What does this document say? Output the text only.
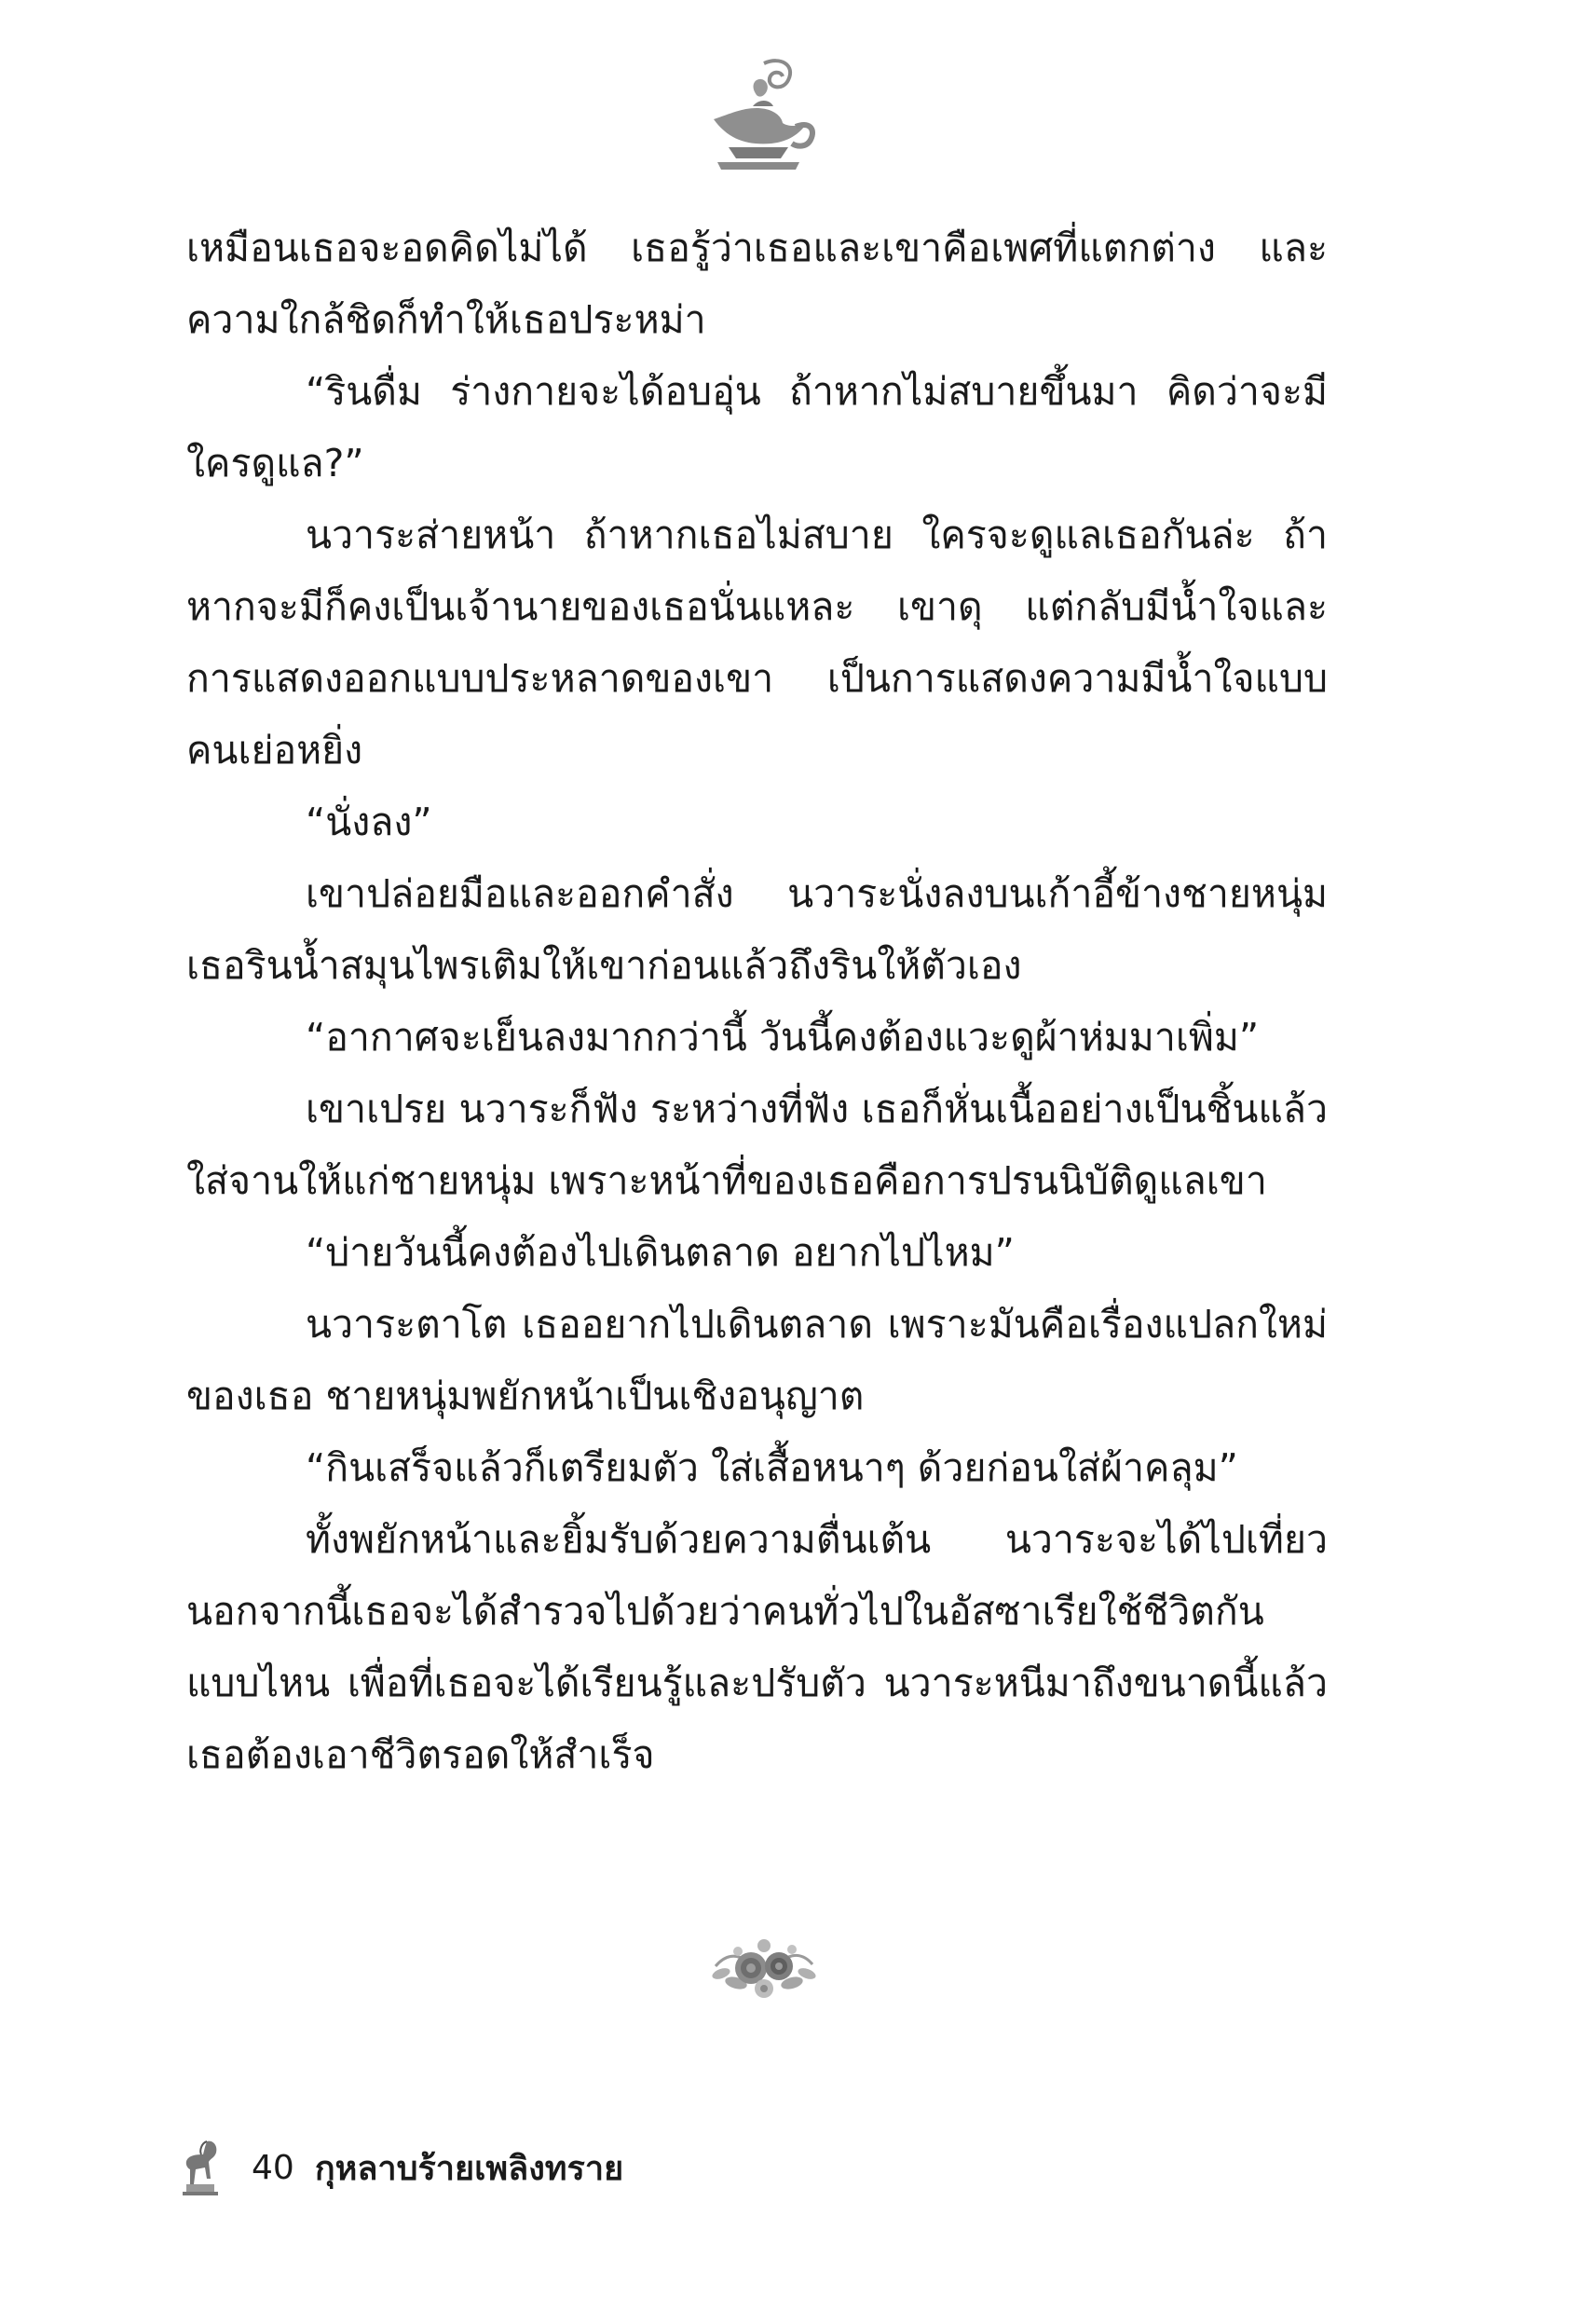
เหมือนเธอจะอดคิดไม่ได้ เธอรู้ว่าเธอและเขาคือเพศที่แตกต่าง และความใกล้ชิดก็ทำให้เธอประหม่า

“รินดื่ม ร่างกายจะได้อบอุ่น ถ้าหากไม่สบายขึ้นมา คิดว่าจะมีใครดูแล?”

นวาระส่ายหน้า ถ้าหากเธอไม่สบาย ใครจะดูแลเธอกันล่ะ ถ้าหากจะมีก็คงเป็นเจ้านายของเธอนั่นแหละ เขาดุ แต่กลับมีน้ำใจและการแสดงออกแบบประหลาดของเขา เป็นการแสดงความมีน้ำใจแบบคนเย่อหยิ่ง

“นั่งลง”

เขาปล่อยมือและออกคำสั่ง นวาระนั่งลงบนเก้าอี้ข้างชายหนุ่ม เธอรินน้ำสมุนไพรเติมให้เขาก่อนแล้วถึงรินให้ตัวเอง

“อากาศจะเย็นลงมากกว่านี้ วันนี้คงต้องแวะดูผ้าห่มมาเพิ่ม”

เขาเปรย นวาระก็ฟัง ระหว่างที่ฟัง เธอก็หั่นเนื้ออย่างเป็นชิ้นแล้วใส่จานให้แก่ชายหนุ่ม เพราะหน้าที่ของเธอคือการปรนนิบัติดูแลเขา

“บ่ายวันนี้คงต้องไปเดินตลาด อยากไปไหม”

นวาระตาโต เธออยากไปเดินตลาด เพราะมันคือเรื่องแปลกใหม่ของเธอ ชายหนุ่มพยักหน้าเป็นเชิงอนุญาต

“กินเสร็จแล้วก็เตรียมตัว ใส่เสื้อหนาๆ ด้วยก่อนใส่ผ้าคลุม”

ทั้งพยักหน้าและยิ้มรับด้วยความตื่นเต้น นวาระจะได้ไปเที่ยวนอกจากนี้เธอจะได้สำรวจไปด้วยว่าคนทั่วไปในอัสซาเรียใช้ชีวิตกันแบบไหน เพื่อที่เธอจะได้เรียนรู้และปรับตัว นวาระหนีมาถึงขนาดนี้แล้วเธอต้องเอาชีวิตรอดให้สำเร็จ

40 กุหลาบร้ายเพลิงทราย
